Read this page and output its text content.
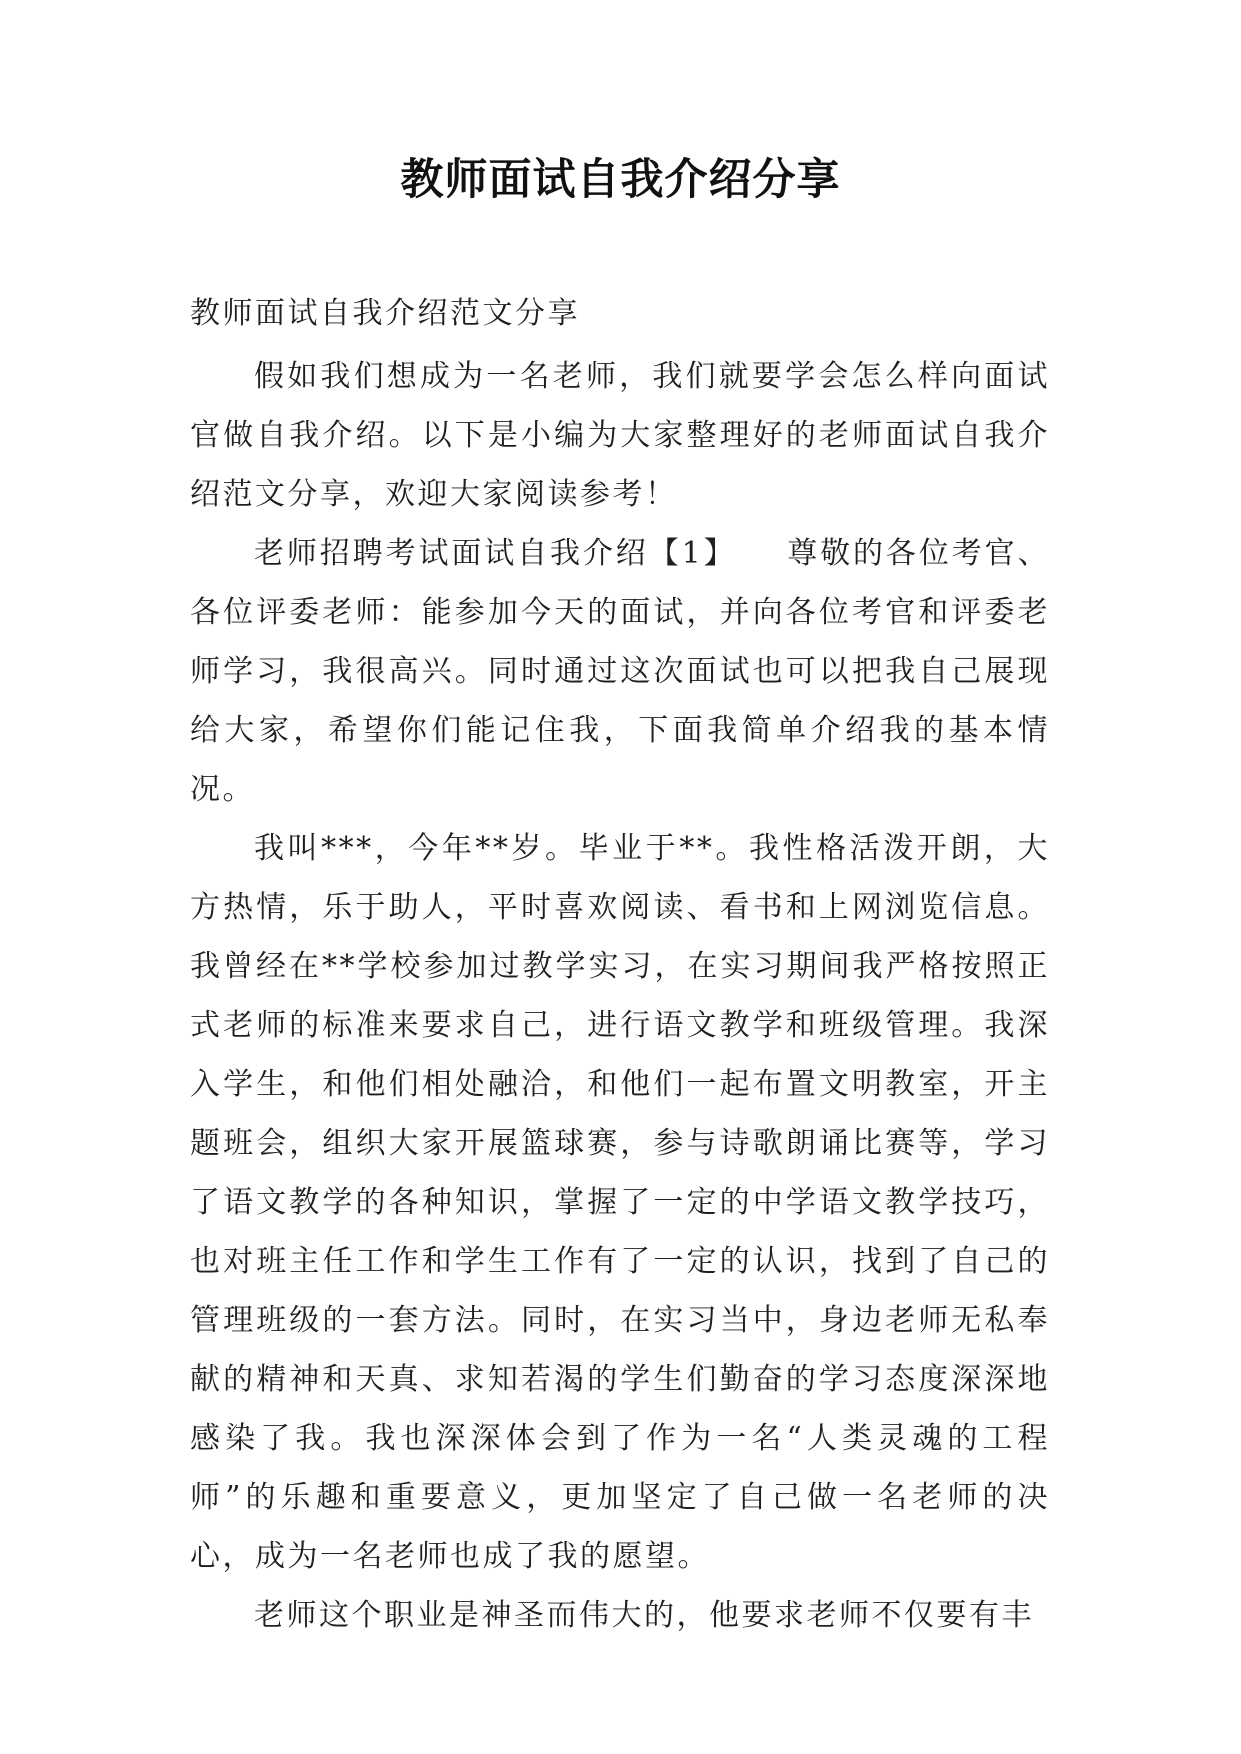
教师面试自我介绍分享

教师面试自我介绍范文分享

假如我们想成为一名老师，我们就要学会怎么样向面试官做自我介绍。以下是小编为大家整理好的老师面试自我介绍范文分享，欢迎大家阅读参考！

老师招聘考试面试自我介绍【1】　　尊敬的各位考官、各位评委老师：能参加今天的面试，并向各位考官和评委老师学习，我很高兴。同时通过这次面试也可以把我自己展现给大家，希望你们能记住我，下面我简单介绍我的基本情况。

我叫***，今年**岁。毕业于**。我性格活泼开朗，大方热情，乐于助人，平时喜欢阅读、看书和上网浏览信息。我曾经在**学校参加过教学实习，在实习期间我严格按照正式老师的标准来要求自己，进行语文教学和班级管理。我深入学生，和他们相处融洽，和他们一起布置文明教室，开主题班会，组织大家开展篮球赛，参与诗歌朗诵比赛等，学习了语文教学的各种知识，掌握了一定的中学语文教学技巧，也对班主任工作和学生工作有了一定的认识，找到了自己的管理班级的一套方法。同时，在实习当中，身边老师无私奉献的精神和天真、求知若渴的学生们勤奋的学习态度深深地感染了我。我也深深体会到了作为一名“人类灵魂的工程师”的乐趣和重要意义，更加坚定了自己做一名老师的决心，成为一名老师也成了我的愿望。

老师这个职业是神圣而伟大的，他要求老师不仅要有丰
